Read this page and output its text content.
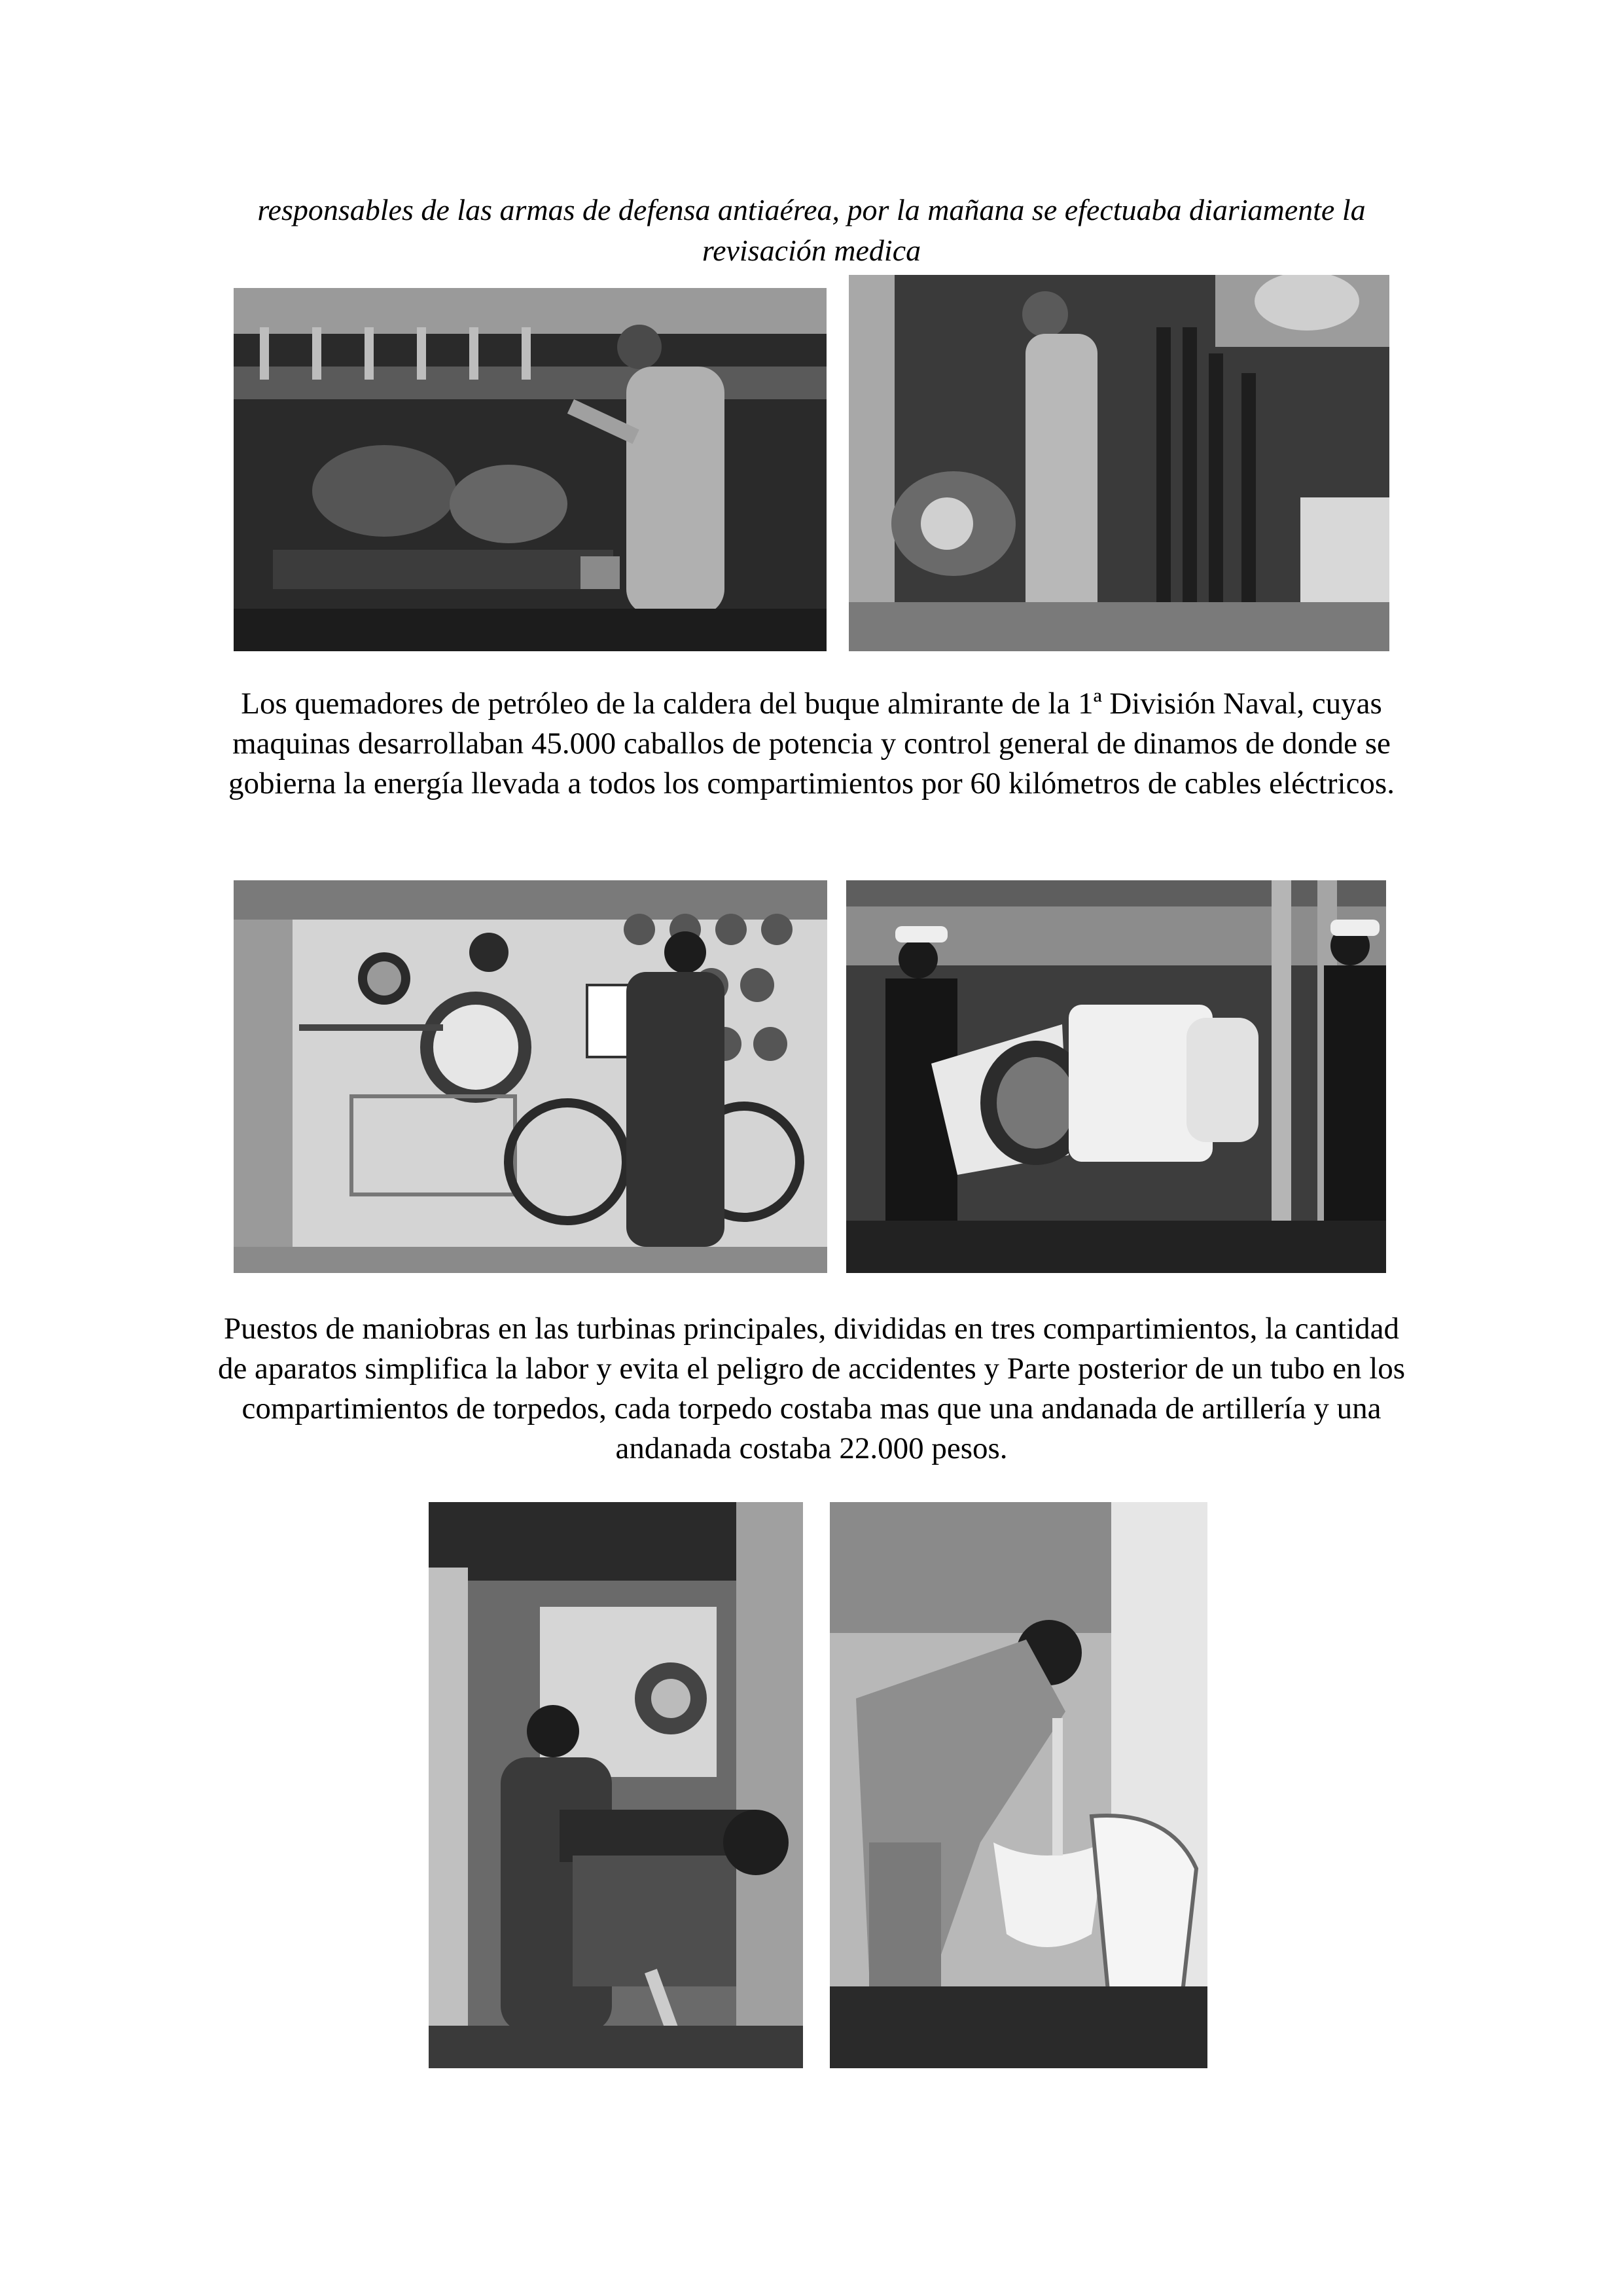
responsables de las armas de defensa antiaérea, por la mañana se efectuaba diariamente la revisación medica

Los quemadores de petróleo de la caldera del buque almirante de la 1ª División Naval, cuyas maquinas desarrollaban 45.000 caballos de potencia y control general de dinamos de donde se gobierna la energía llevada a todos los compartimientos por 60 kilómetros de cables eléctricos.

Puestos de maniobras en las turbinas principales, divididas en tres compartimientos, la cantidad de aparatos simplifica la labor y evita el peligro de accidentes y Parte posterior de un tubo en los compartimientos de torpedos, cada torpedo costaba mas que una andanada de artillería y una andanada costaba 22.000 pesos.
